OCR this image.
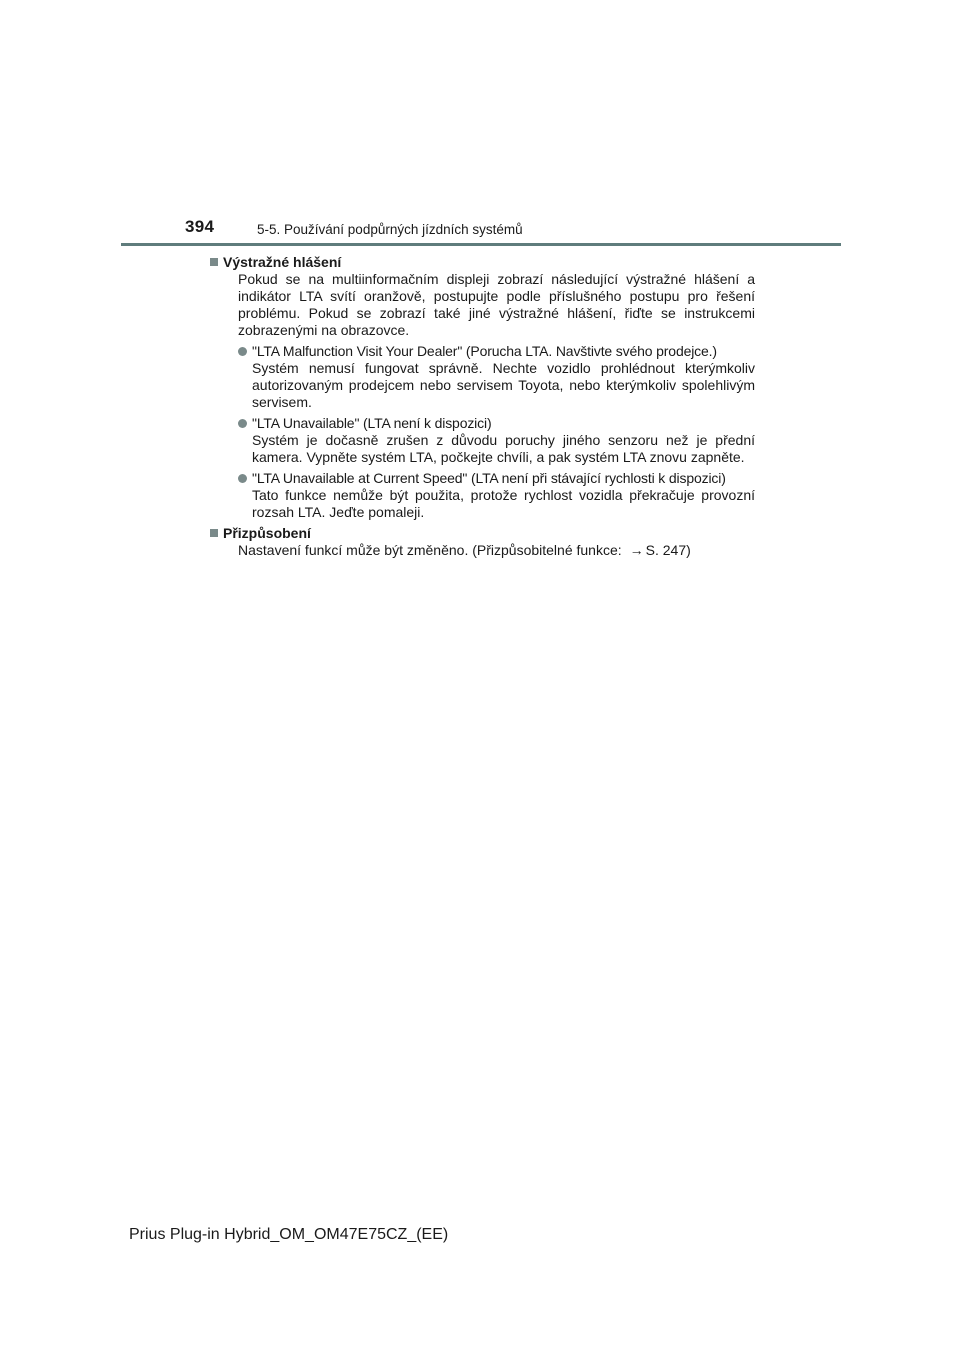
394	5-5. Používání podpůrných jízdních systémů
Výstražné hlášení
Pokud se na multiinformačním displeji zobrazí následující výstražné hlášení a indikátor LTA svítí oranžově, postupujte podle příslušného postupu pro řešení problému. Pokud se zobrazí také jiné výstražné hlášení, řiďte se instrukcemi zobrazenými na obrazovce.
"LTA Malfunction Visit Your Dealer" (Porucha LTA. Navštivte svého prodejce.)
Systém nemusí fungovat správně. Nechte vozidlo prohlédnout kterýmkoliv autorizovaným prodejcem nebo servisem Toyota, nebo kterýmkoliv spolehlivým servisem.
"LTA Unavailable" (LTA není k dispozici)
Systém je dočasně zrušen z důvodu poruchy jiného senzoru než je přední kamera. Vypněte systém LTA, počkejte chvíli, a pak systém LTA znovu zapněte.
"LTA Unavailable at Current Speed" (LTA není při stávající rychlosti k dispozici)
Tato funkce nemůže být použita, protože rychlost vozidla překračuje provozní rozsah LTA. Jeďte pomaleji.
Přizpůsobení
Nastavení funkcí může být změněno. (Přizpůsobitelné funkce: → S. 247)
Prius Plug-in Hybrid_OM_OM47E75CZ_(EE)
